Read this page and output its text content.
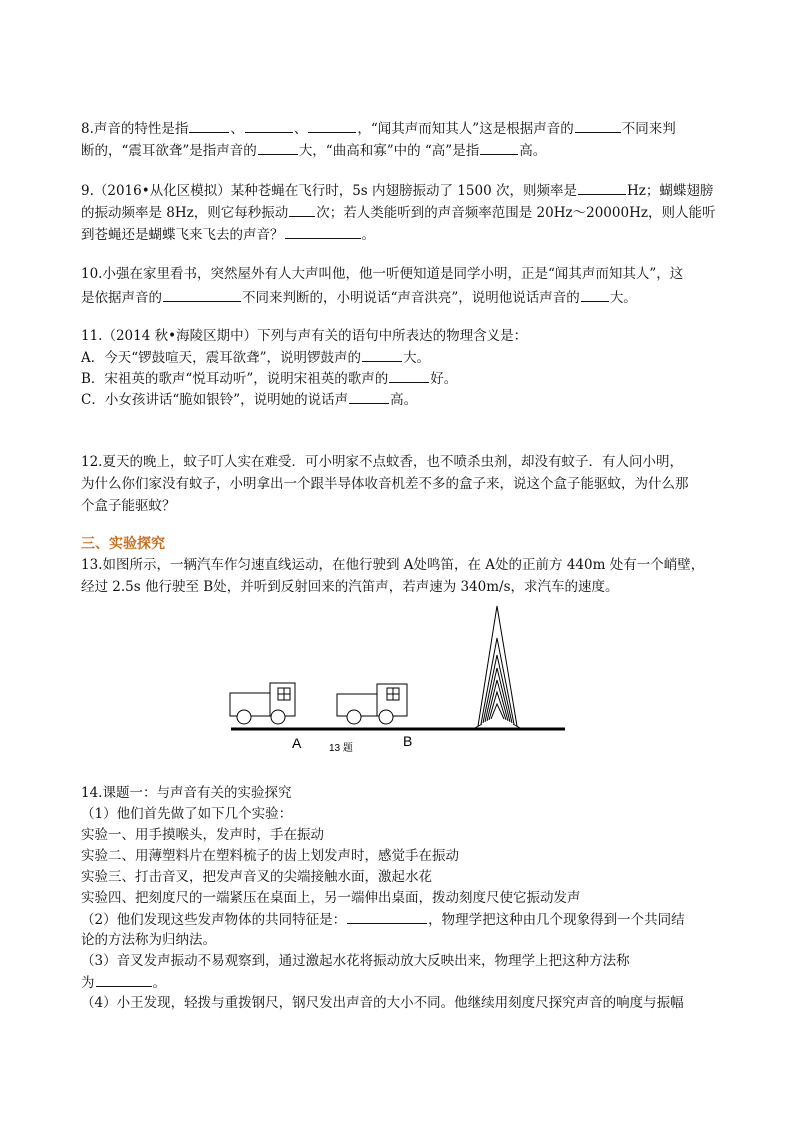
8.声音的特性是指	、	、	，“闻其声而知其人”这是根据声音的	不同来判
断的，“震耳欲聋”是指声音的	大，“曲高和寡”中的 “高”是指	高。
9.（2016•从化区模拟）某种苍蝇在飞行时，5s 内翅膀振动了 1500 次，则频率是	Hz；蝴蝶翅膀
的振动频率是 8Hz，则它每秒振动 次；若人类能听到的声音频率范围是 20Hz～20000Hz，则人能听
到苍蝇还是蝴蝶飞来飞去的声音？	。
10.小强在家里看书，突然屋外有人大声叫他，他一听便知道是同学小明，正是“闻其声而知其人”，这
是依据声音的	不同来判断的，小明说话“声音洪亮”，说明他说话声音的 大。
11.（2014 秋•海陵区期中）下列与声有关的语句中所表达的物理含义是：
A．今天“锣鼓喧天，震耳欲聋”，说明锣鼓声的	大。
B．宋祖英的歌声“悦耳动听”，说明宋祖英的歌声的	好。
C．小女孩讲话“脆如银铃”，说明她的说话声	高。
12.夏天的晚上，蚊子叮人实在难受．可小明家不点蚊香，也不喷杀虫剂，却没有蚊子．有人问小明，
为什么你们家没有蚊子，小明拿出一个跟半导体收音机差不多的盒子来，说这个盒子能驱蚊，为什么那
个盒子能驱蚊？
三、实验探究
13.如图所示，一辆汽车作匀速直线运动，在他行驶到 A处鸣笛，在 A处的正前方 440m 处有一个峭壁，
经过 2.5s 他行驶至 B处，并听到反射回来的汽笛声，若声速为 340m/s，求汽车的速度。
A	13 题	B
14.课题一：与声音有关的实验探究
（1）他们首先做了如下几个实验：
实验一、用手摸喉头，发声时，手在振动
实验二、用薄塑料片在塑料梳子的齿上划发声时，感觉手在振动
实验三、打击音叉，把发声音叉的尖端接触水面，激起水花
实验四、把刻度尺的一端紧压在桌面上，另一端伸出桌面，拨动刻度尺使它振动发声
（2）他们发现这些发声物体的共同特征是：	，物理学把这种由几个现象得到一个共同结
论的方法称为归纳法。
（3）音叉发声振动不易观察到，通过激起水花将振动放大反映出来，物理学上把这种方法称
为	。
（4）小王发现，轻拨与重拨钢尺，钢尺发出声音的大小不同。他继续用刻度尺探究声音的响度与振幅
